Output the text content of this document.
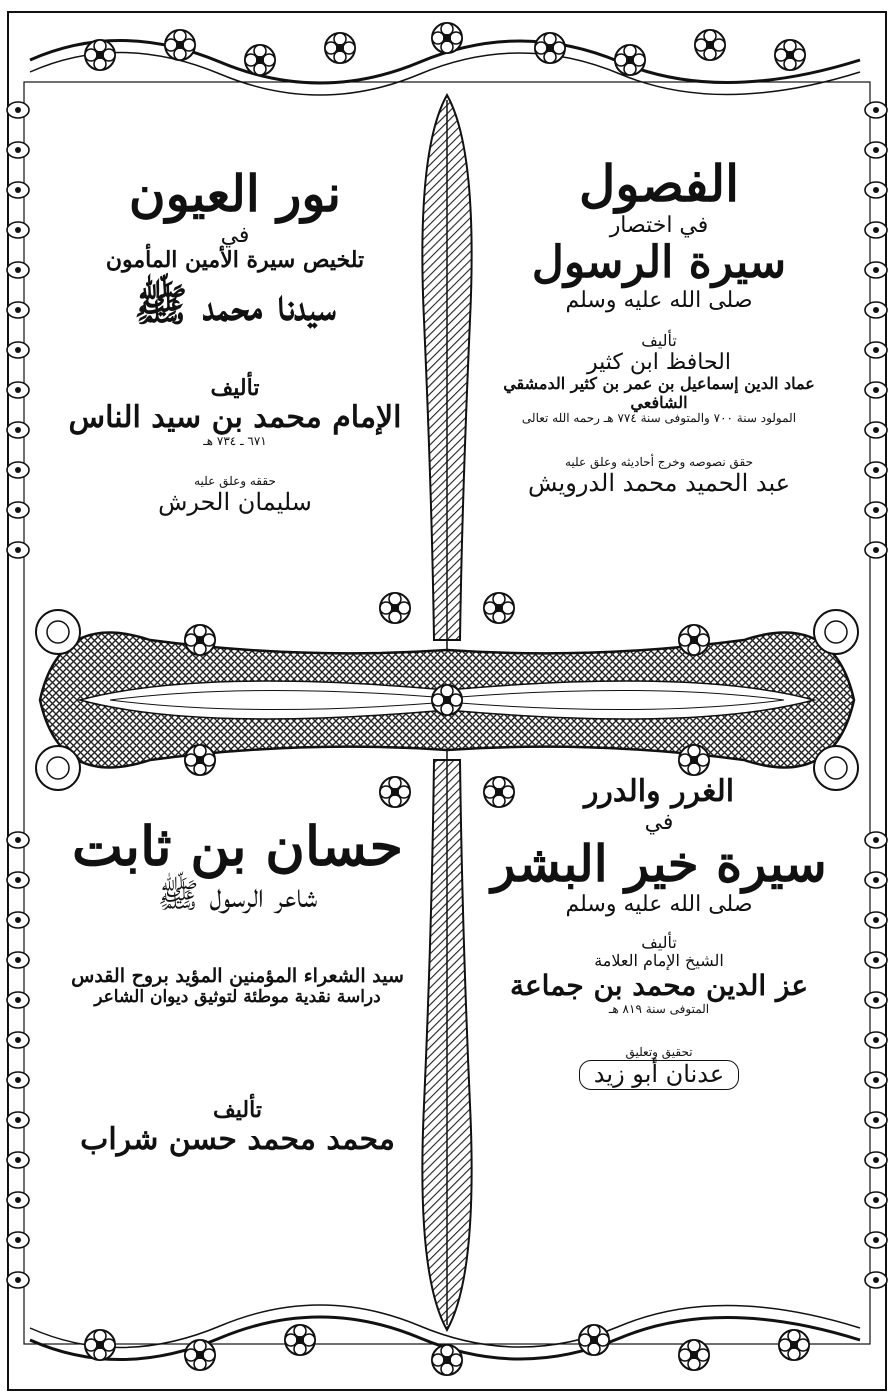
الفصول
في اختصار
سيرة الرسول
صلى الله عليه وسلم
تأليف
الحافظ ابن كثير
عماد الدين إسماعيل بن عمر بن كثير الدمشقي الشافعي
المولود سنة ٧٠٠ والمتوفى سنة ٧٧٤ هـ رحمه الله تعالى
حقق نصوصه وخرج أحاديثه وعلق عليه
عبد الحميد محمد الدرويش
نور العيون
في
تلخيص سيرة الأمين المأمون
سيدنا محمد ﷺ
تأليف
الإمام محمد بن سيد الناس
٦٧١ ـ ٧٣٤ هـ
حققه وعلق عليه
سليمان الحرش
الغرر والدرر
في
سيرة خير البشر
صلى الله عليه وسلم
تأليف
الشيخ الإمام العلامة
عز الدين محمد بن جماعة
المتوفى سنة ٨١٩ هـ
تحقيق وتعليق
عدنان أبو زيد
حسان بن ثابت
شاعر الرسول ﷺ
سيد الشعراء المؤمنين المؤيد بروح القدس
دراسة نقدية موطئة لتوثيق ديوان الشاعر
تأليف
محمد محمد حسن شراب
